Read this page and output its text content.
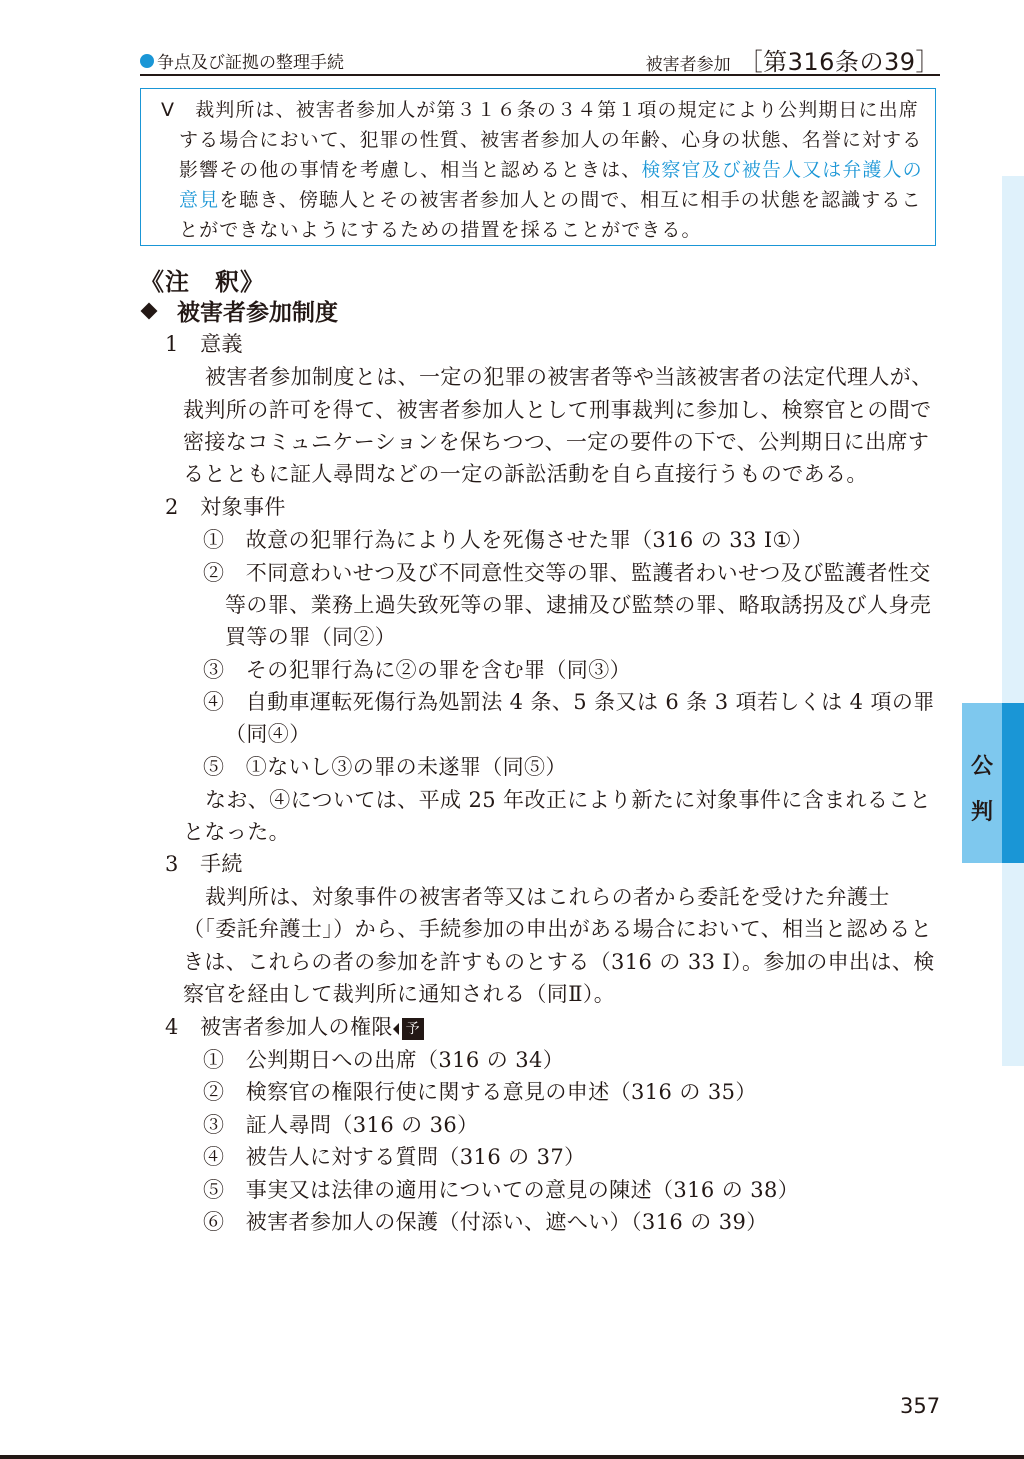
争点及び証拠の整理手続	被害者参加 ［第316条の39］

Ⅴ　裁判所は、被害者参加人が第３１６条の３４第１項の規定により公判期日に出席

する場合において、犯罪の性質、被害者参加人の年齢、心身の状態、名誉に対する

影響その他の事情を考慮し、相当と認めるときは、検察官及び被告人又は弁護人の

意見を聴き、傍聴人とその被害者参加人との間で、相互に相手の状態を認識するこ

とができないようにするための措置を採ることができる。

《注　釈》
被害者参加制度

1　意義

被害者参加制度とは、一定の犯罪の被害者等や当該被害者の法定代理人が、

裁判所の許可を得て、被害者参加人として刑事裁判に参加し、検察官との間で

密接なコミュニケーションを保ちつつ、一定の要件の下で、公判期日に出席す

るとともに証人尋問などの一定の訴訟活動を自ら直接行うものである。

2　対象事件

①　故意の犯罪行為により人を死傷させた罪（316 の 33 Ⅰ①）

②　不同意わいせつ及び不同意性交等の罪、監護者わいせつ及び監護者性交

等の罪、業務上過失致死等の罪、逮捕及び監禁の罪、略取誘拐及び人身売

買等の罪（同②）

③　その犯罪行為に②の罪を含む罪（同③）

④　自動車運転死傷行為処罰法 4 条、5 条又は 6 条 3 項若しくは 4 項の罪

（同④）

⑤　①ないし③の罪の未遂罪（同⑤）

なお、④については、平成 25 年改正により新たに対象事件に含まれること

となった。

3　手続

裁判所は、対象事件の被害者等又はこれらの者から委託を受けた弁護士

（「委託弁護士」）から、手続参加の申出がある場合において、相当と認めると

きは、これらの者の参加を許すものとする（316 の 33 Ⅰ）。参加の申出は、検

察官を経由して裁判所に通知される（同Ⅱ）。

4　被害者参加人の権限 予

①　公判期日への出席（316 の 34）

②　検察官の権限行使に関する意見の申述（316 の 35）

③　証人尋問（316 の 36）

④　被告人に対する質問（316 の 37）

⑤　事実又は法律の適用についての意見の陳述（316 の 38）

⑥　被害者参加人の保護（付添い、遮へい）（316 の 39）

公
判
357
